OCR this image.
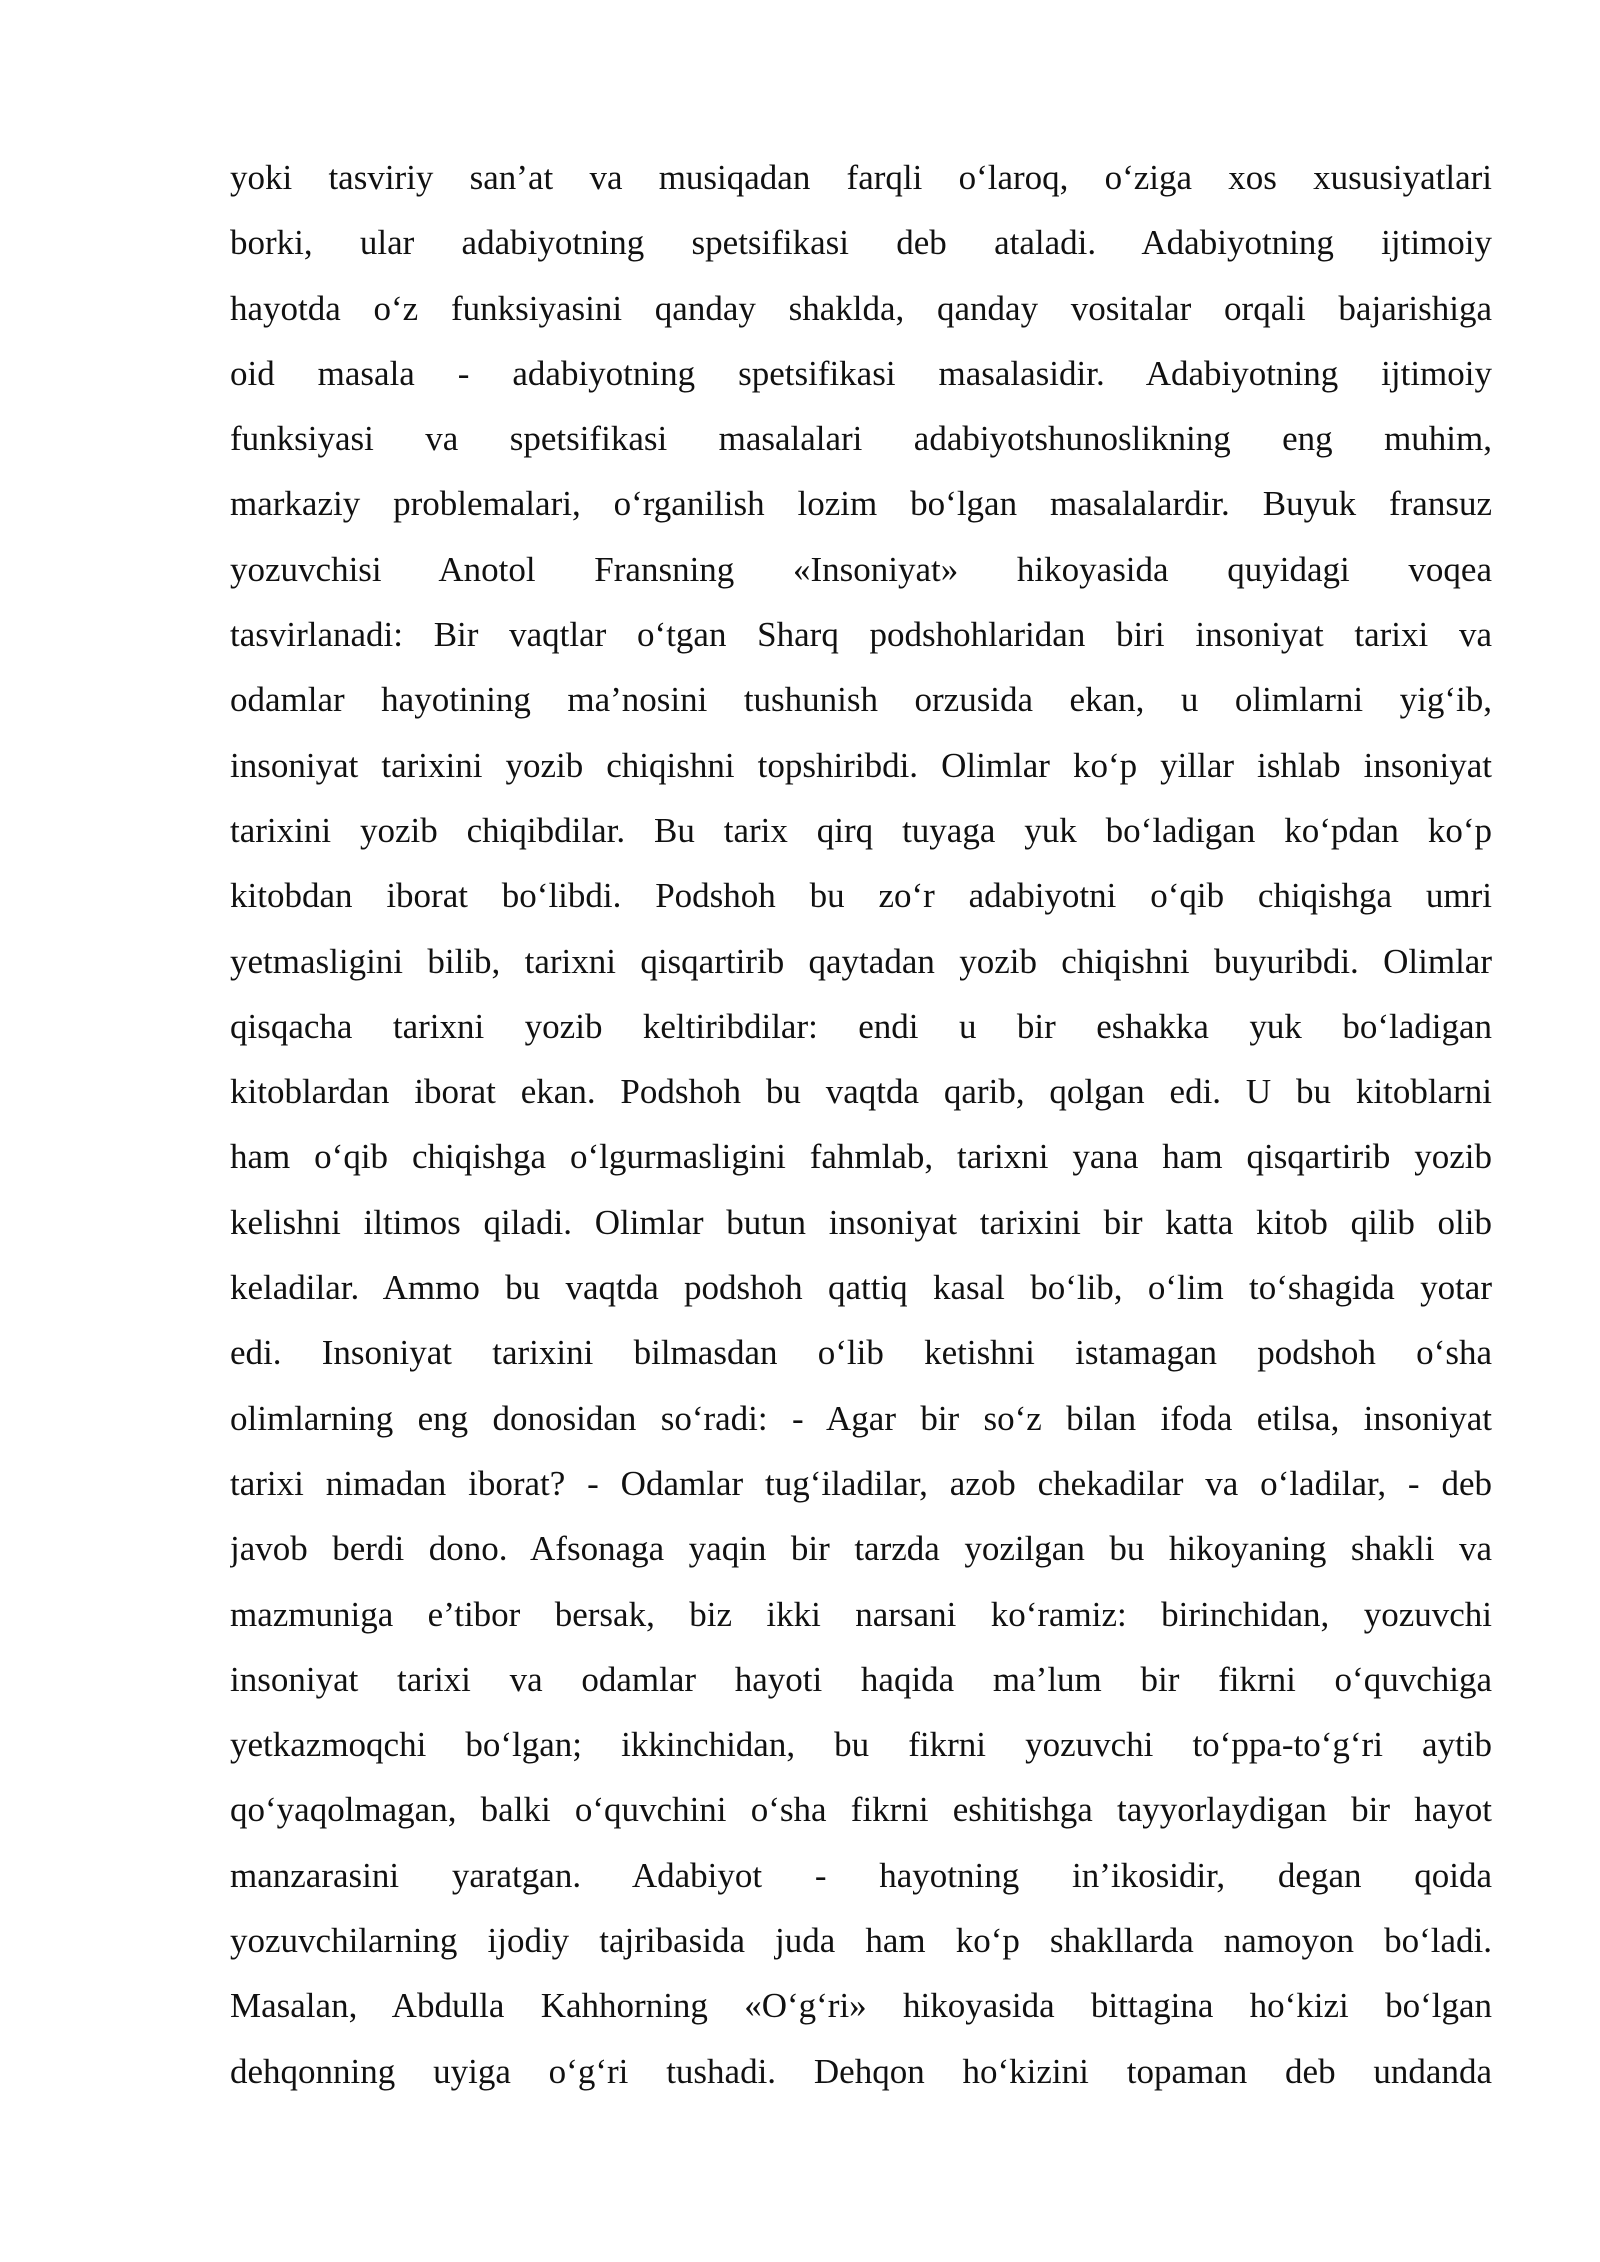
yoki tasviriy san’at va musiqadan farqli o‘laroq, o‘ziga xos xususiyatlari
borki, ular adabiyotning spetsifikasi deb ataladi. Adabiyotning ijtimoiy
hayotda o‘z funksiyasini qanday shaklda, qanday vositalar orqali bajarishiga
oid masala - adabiyotning spetsifikasi masalasidir. Adabiyotning ijtimoiy
funksiyasi va spetsifikasi masalalari adabiyotshunoslikning eng muhim,
markaziy problemalari, o‘rganilish lozim bo‘lgan masalalardir. Buyuk fransuz
yozuvchisi Anotol Fransning «Insoniyat» hikoyasida quyidagi voqea
tasvirlanadi: Bir vaqtlar o‘tgan Sharq podshohlaridan biri insoniyat tarixi va
odamlar hayotining ma’nosini tushunish orzusida ekan, u olimlarni yig‘ib,
insoniyat tarixini yozib chiqishni topshiribdi. Olimlar ko‘p yillar ishlab insoniyat
tarixini yozib chiqibdilar. Bu tarix qirq tuyaga yuk bo‘ladigan ko‘pdan ko‘p
kitobdan iborat bo‘libdi. Podshoh bu zo‘r adabiyotni o‘qib chiqishga umri
yetmasligini bilib, tarixni qisqartirib qaytadan yozib chiqishni buyuribdi. Olimlar
qisqacha tarixni yozib keltiribdilar: endi u bir eshakka yuk bo‘ladigan
kitoblardan iborat ekan. Podshoh bu vaqtda qarib, qolgan edi. U bu kitoblarni
ham o‘qib chiqishga o‘lgurmasligini fahmlab, tarixni yana ham qisqartirib yozib
kelishni iltimos qiladi. Olimlar butun insoniyat tarixini bir katta kitob qilib olib
keladilar. Ammo bu vaqtda podshoh qattiq kasal bo‘lib, o‘lim to‘shagida yotar
edi. Insoniyat tarixini bilmasdan o‘lib ketishni istamagan podshoh o‘sha
olimlarning eng donosidan so‘radi: - Agar bir so‘z bilan ifoda etilsa, insoniyat
tarixi nimadan iborat? - Odamlar tug‘iladilar, azob chekadilar va o‘ladilar, - deb
javob berdi dono. Afsonaga yaqin bir tarzda yozilgan bu hikoyaning shakli va
mazmuniga e’tibor bersak, biz ikki narsani ko‘ramiz: birinchidan, yozuvchi
insoniyat tarixi va odamlar hayoti haqida ma’lum bir fikrni o‘quvchiga
yetkazmoqchi bo‘lgan; ikkinchidan, bu fikrni yozuvchi to‘ppa-to‘g‘ri aytib
qo‘yaqolmagan, balki o‘quvchini o‘sha fikrni eshitishga tayyorlaydigan bir hayot
manzarasini yaratgan. Adabiyot - hayotning in’ikosidir, degan qoida
yozuvchilarning ijodiy tajribasida juda ham ko‘p shakllarda namoyon bo‘ladi.
Masalan, Abdulla Kahhorning «O‘g‘ri» hikoyasida bittagina ho‘kizi bo‘lgan
dehqonning uyiga o‘g‘ri tushadi. Dehqon ho‘kizini topaman deb undanda
